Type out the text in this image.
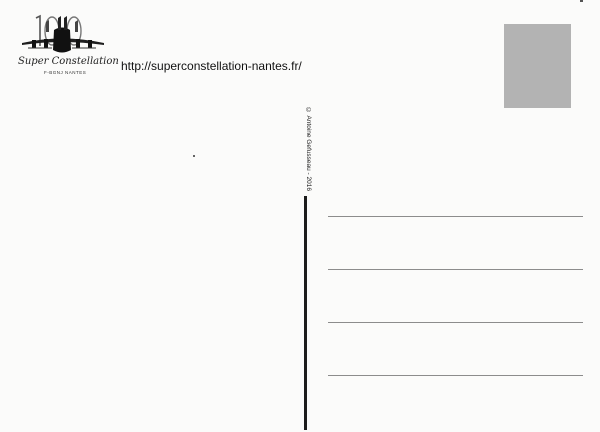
Super Constellation
F-BGNJ NANTES	http://superconstellation-nantes.fr/
© Antoine Gefusseau - 2016
